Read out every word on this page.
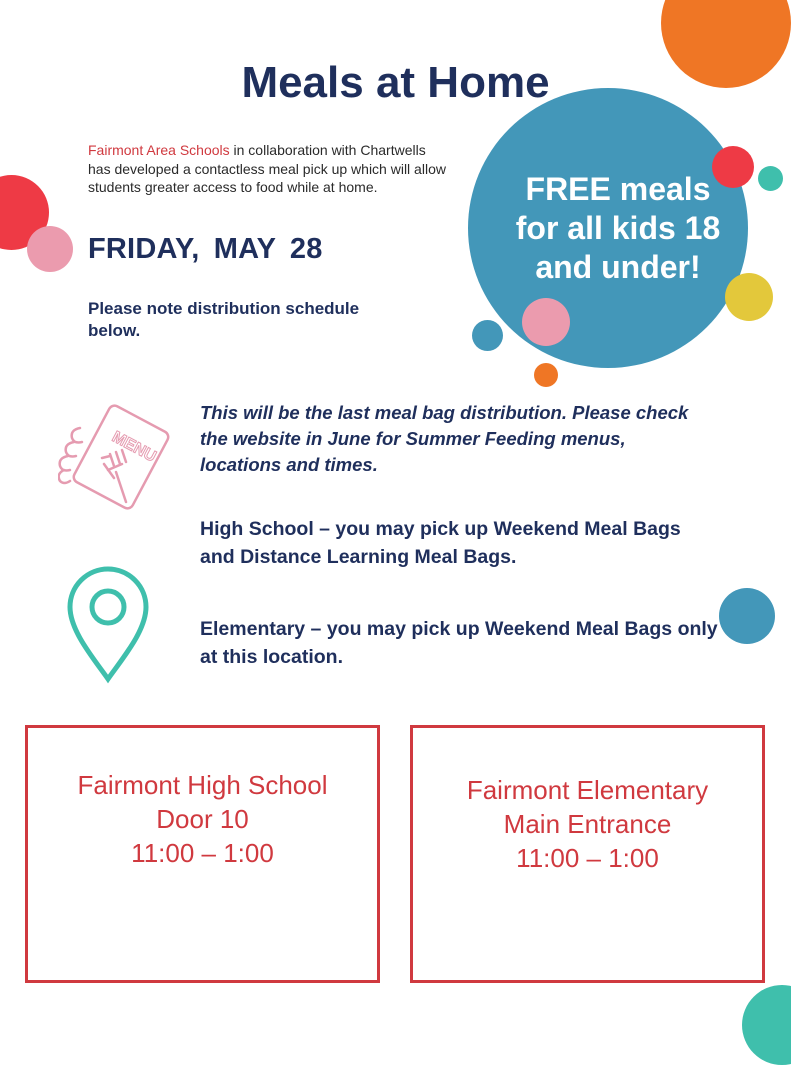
Meals at Home
Fairmont Area Schools in collaboration with Chartwells has developed a contactless meal pick up which will allow students greater access to food while at home.
FRIDAY, MAY 28
Please note distribution schedule below.
FREE meals
for all kids 18
and under!
MENU
This will be the last meal bag distribution. Please check the website in June for Summer Feeding menus, locations and times.
High School – you may pick up Weekend Meal Bags and Distance Learning Meal Bags.
Elementary – you may pick up Weekend Meal Bags only at this location.
Fairmont High School
Door 10
11:00 – 1:00
Fairmont Elementary
Main Entrance
11:00 – 1:00
